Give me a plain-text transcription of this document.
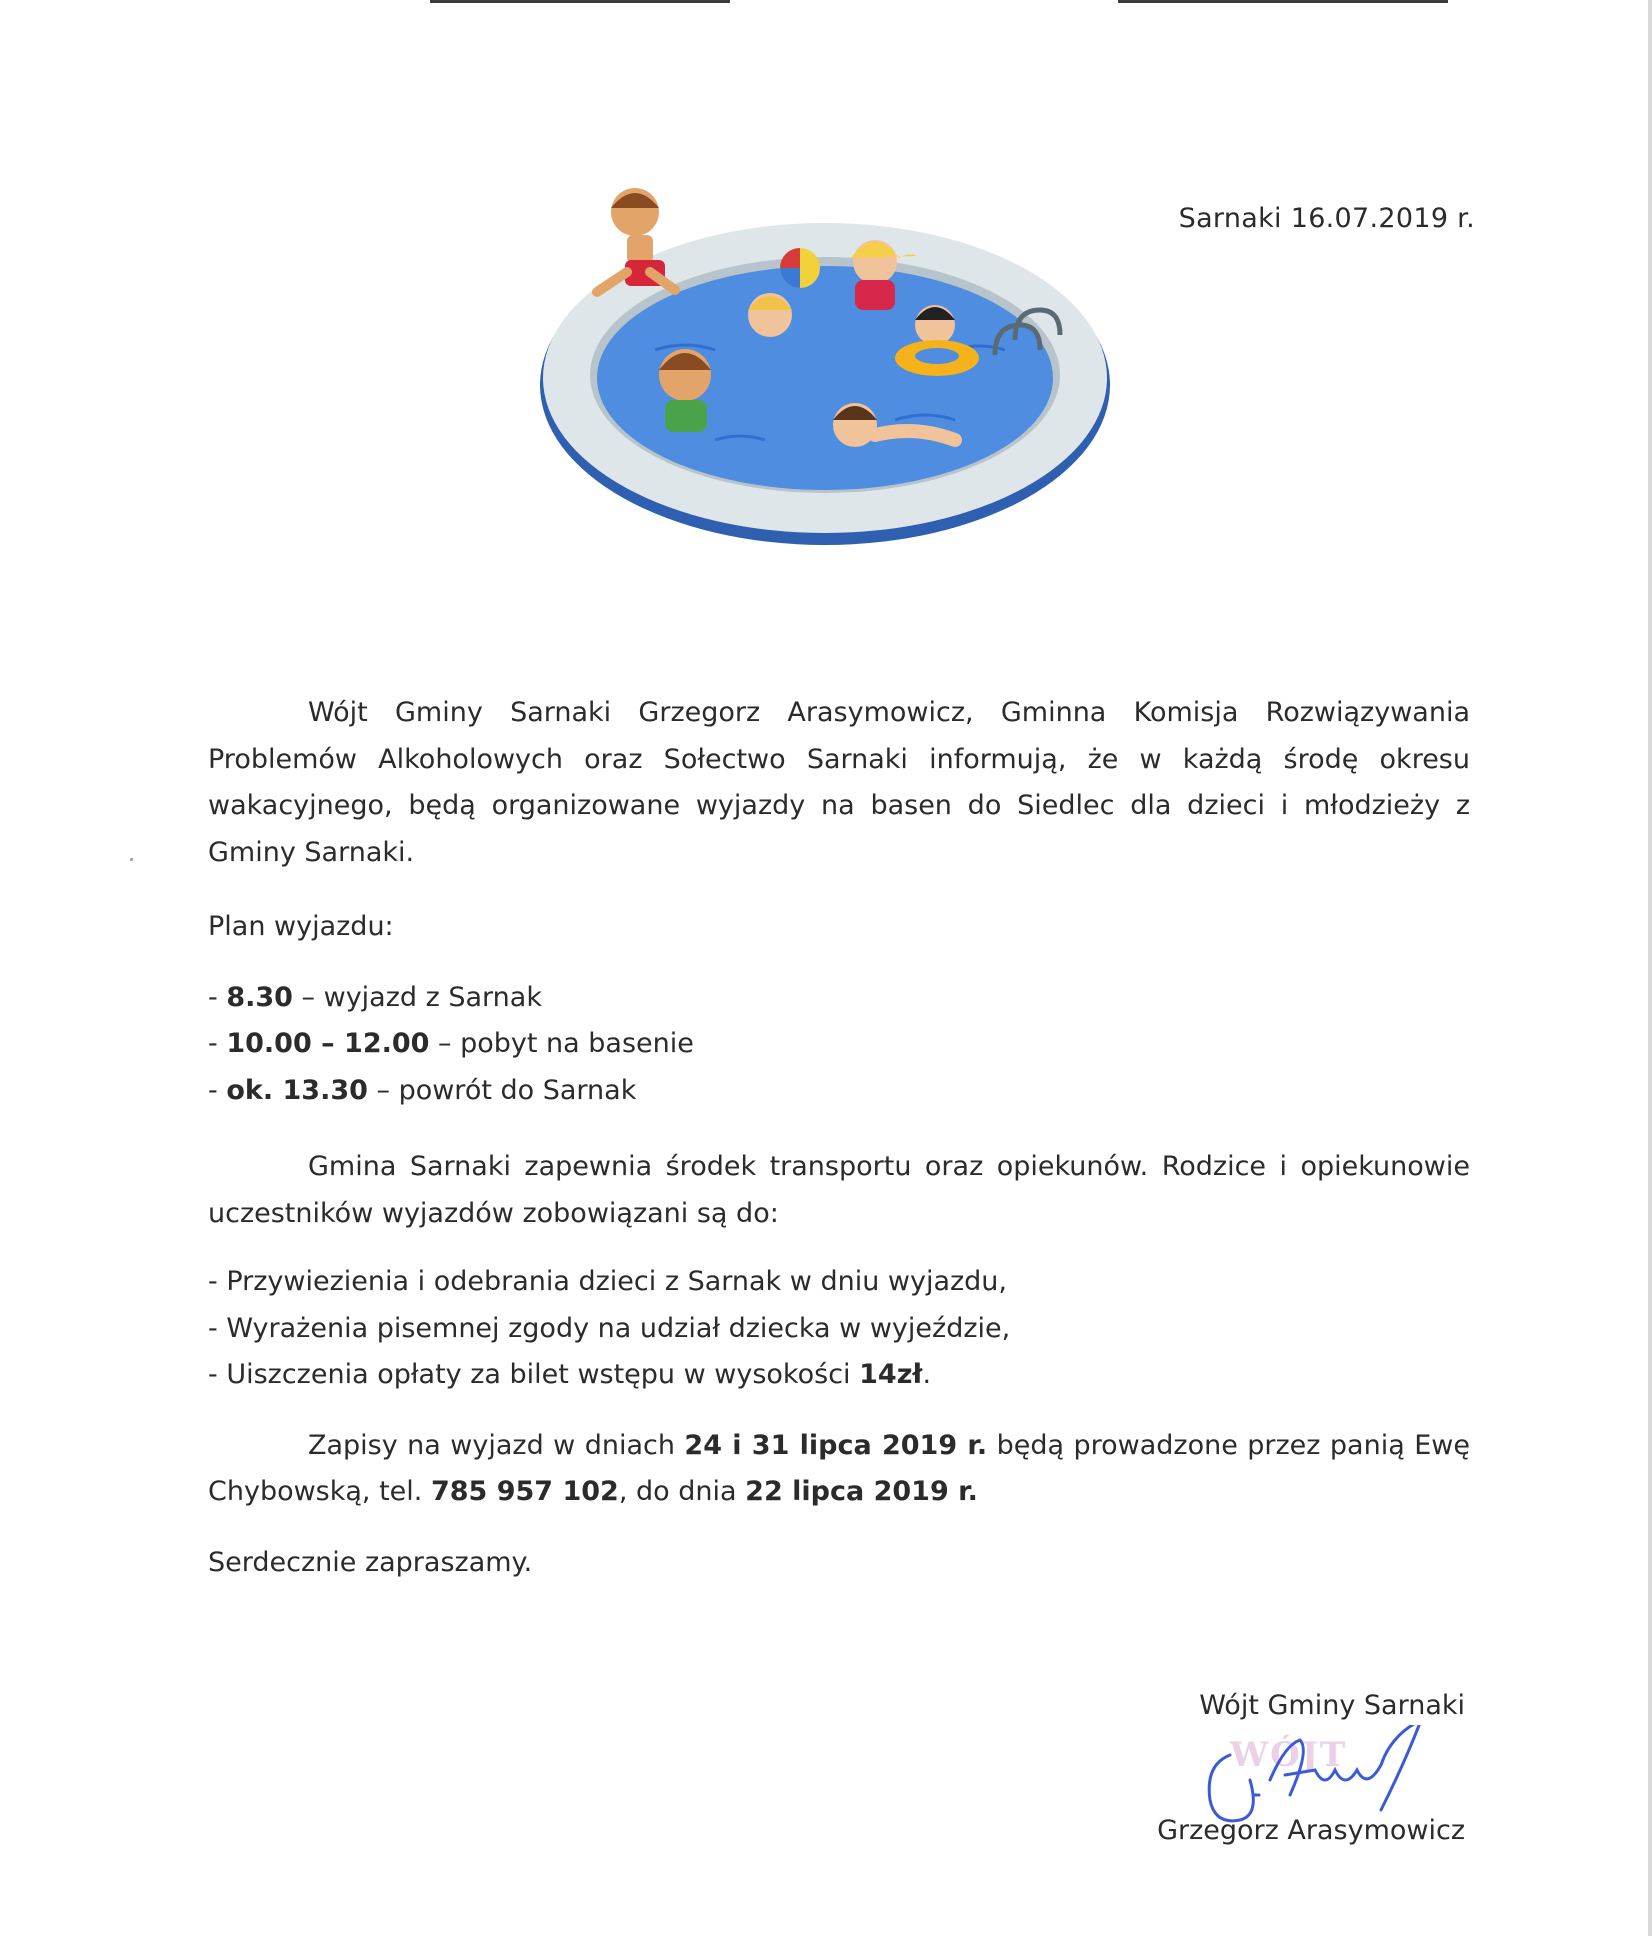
Sarnaki 16.07.2019 r.

Wójt Gminy Sarnaki Grzegorz Arasymowicz, Gminna Komisja Rozwiązywania Problemów Alkoholowych oraz Sołectwo Sarnaki informują, że w każdą środę okresu wakacyjnego, będą organizowane wyjazdy na basen do Siedlec dla dzieci i młodzieży z Gminy Sarnaki.

Plan wyjazdu:

- 8.30 – wyjazd z Sarnak
- 10.00 – 12.00 – pobyt na basenie
- ok. 13.30 – powrót do Sarnak

Gmina Sarnaki zapewnia środek transportu oraz opiekunów. Rodzice i opiekunowie uczestników wyjazdów zobowiązani są do:

- Przywiezienia i odebrania dzieci z Sarnak w dniu wyjazdu,
- Wyrażenia pisemnej zgody na udział dziecka w wyjeździe,
- Uiszczenia opłaty za bilet wstępu w wysokości 14zł.

Zapisy na wyjazd w dniach 24 i 31 lipca 2019 r. będą prowadzone przez panią Ewę Chybowską, tel. 785 957 102, do dnia 22 lipca 2019 r.

Serdecznie zapraszamy.

Wójt Gminy Sarnaki
WÓJT
Grzegorz Arasymowicz
